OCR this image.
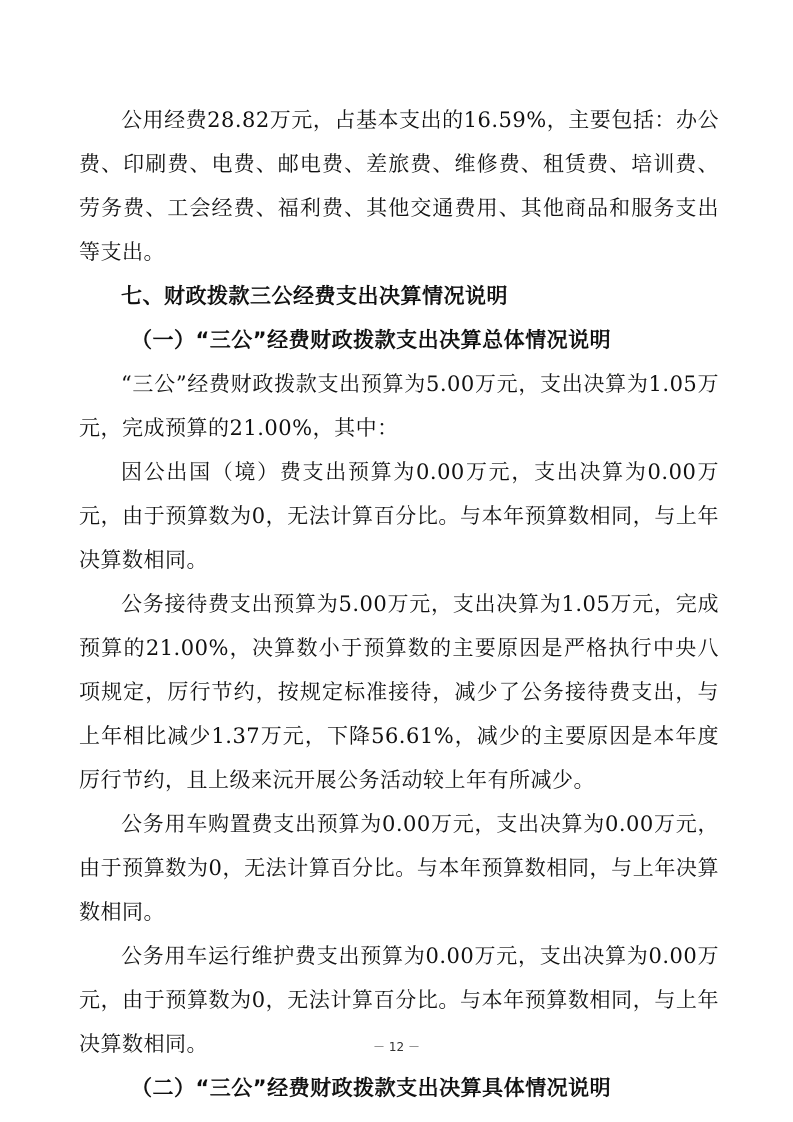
公用经费28.82万元，占基本支出的16.59%，主要包括：办公费、印刷费、电费、邮电费、差旅费、维修费、租赁费、培训费、劳务费、工会经费、福利费、其他交通费用、其他商品和服务支出等支出。

七、财政拨款三公经费支出决算情况说明

（一）“三公”经费财政拨款支出决算总体情况说明

“三公”经费财政拨款支出预算为5.00万元，支出决算为1.05万元，完成预算的21.00%，其中：

因公出国（境）费支出预算为0.00万元，支出决算为0.00万元，由于预算数为0，无法计算百分比。与本年预算数相同，与上年决算数相同。

公务接待费支出预算为5.00万元，支出决算为1.05万元，完成预算的21.00%，决算数小于预算数的主要原因是严格执行中央八项规定，厉行节约，按规定标准接待，减少了公务接待费支出，与上年相比减少1.37万元，下降56.61%，减少的主要原因是本年度厉行节约，且上级来沅开展公务活动较上年有所减少。

公务用车购置费支出预算为0.00万元，支出决算为0.00万元，由于预算数为0，无法计算百分比。与本年预算数相同，与上年决算数相同。

公务用车运行维护费支出预算为0.00万元，支出决算为0.00万元，由于预算数为0，无法计算百分比。与本年预算数相同，与上年决算数相同。

（二）“三公”经费财政拨款支出决算具体情况说明

－ 12 －
